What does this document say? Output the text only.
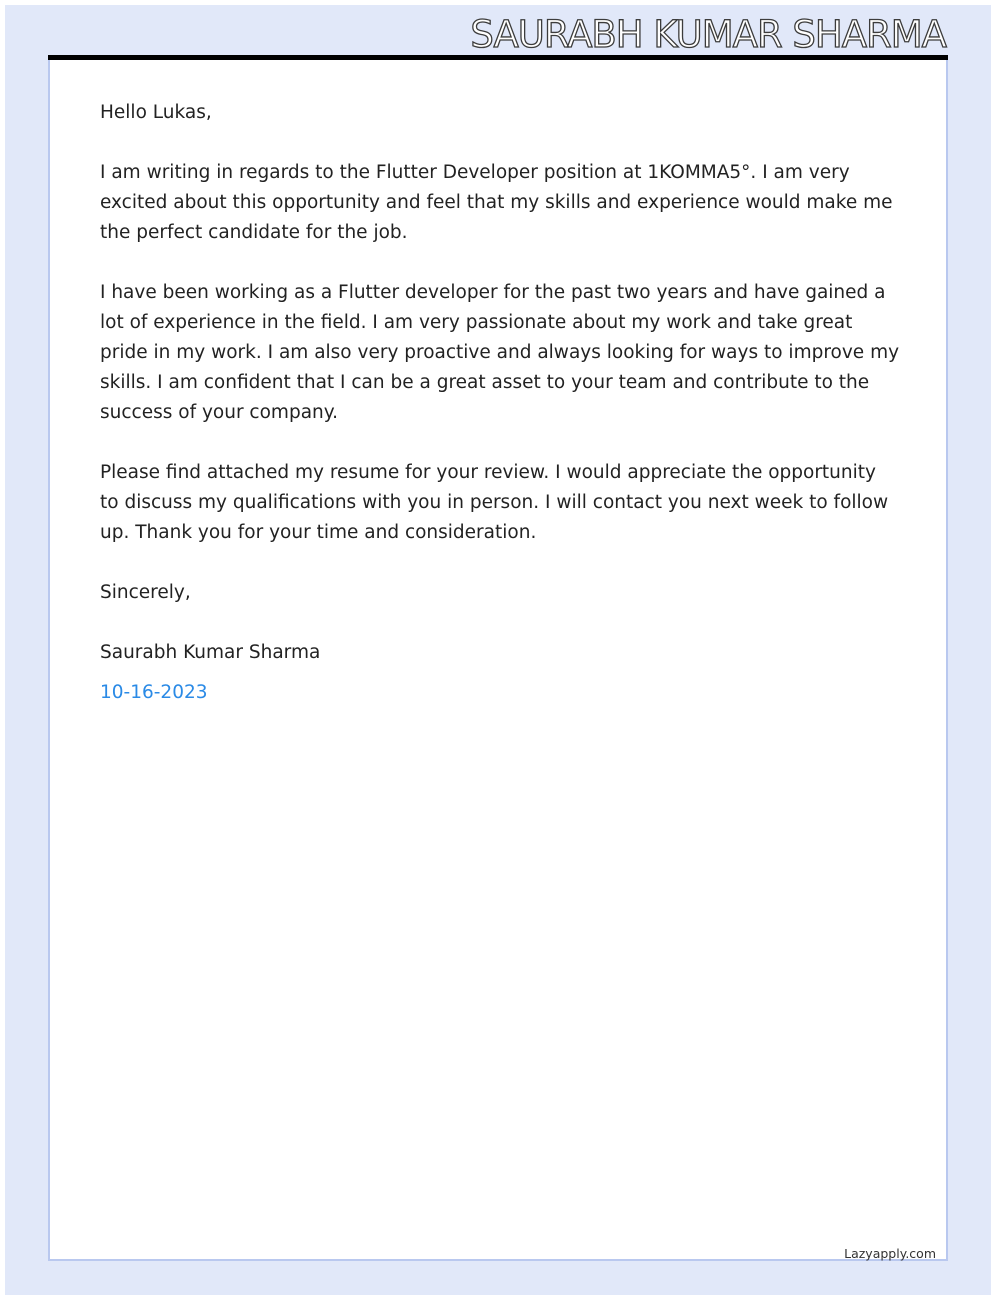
SAURABH KUMAR SHARMA

Hello Lukas,

I am writing in regards to the Flutter Developer position at 1KOMMA5°. I am very excited about this opportunity and feel that my skills and experience would make me the perfect candidate for the job.

I have been working as a Flutter developer for the past two years and have gained a lot of experience in the field. I am very passionate about my work and take great pride in my work. I am also very proactive and always looking for ways to improve my skills. I am confident that I can be a great asset to your team and contribute to the success of your company.

Please find attached my resume for your review. I would appreciate the opportunity to discuss my qualifications with you in person. I will contact you next week to follow up. Thank you for your time and consideration.

Sincerely,

Saurabh Kumar Sharma

10-16-2023

Lazyapply.com
